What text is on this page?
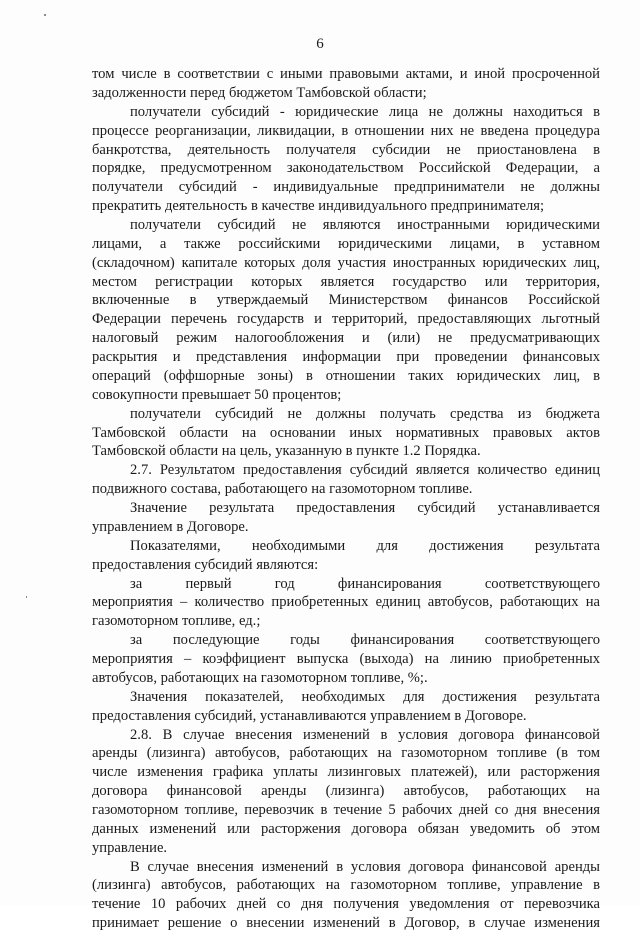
6
том числе в соответствии с иными правовыми актами, и иной просроченной
задолженности перед бюджетом Тамбовской области;
получатели субсидий - юридические лица не должны находиться в
процессе реорганизации, ликвидации, в отношении них не введена процедура
банкротства, деятельность получателя субсидии не приостановлена в
порядке, предусмотренном законодательством Российской Федерации, а
получатели субсидий - индивидуальные предприниматели не должны
прекратить деятельность в качестве индивидуального предпринимателя;
получатели субсидий не являются иностранными юридическими
лицами, а также российскими юридическими лицами, в уставном
(складочном) капитале которых доля участия иностранных юридических лиц,
местом регистрации которых является государство или территория,
включенные в утверждаемый Министерством финансов Российской
Федерации перечень государств и территорий, предоставляющих льготный
налоговый режим налогообложения и (или) не предусматривающих
раскрытия и представления информации при проведении финансовых
операций (оффшорные зоны) в отношении таких юридических лиц, в
совокупности превышает 50 процентов;
получатели субсидий не должны получать средства из бюджета
Тамбовской области на основании иных нормативных правовых актов
Тамбовской области на цель, указанную в пункте 1.2 Порядка.
2.7. Результатом предоставления субсидий является количество единиц
подвижного состава, работающего на газомоторном топливе.
Значение результата предоставления субсидий устанавливается
управлением в Договоре.
Показателями, необходимыми для достижения результата
предоставления субсидий являются:
за первый год финансирования соответствующего
мероприятия – количество приобретенных единиц автобусов, работающих на
газомоторном топливе, ед.;
за последующие годы финансирования соответствующего
мероприятия – коэффициент выпуска (выхода) на линию приобретенных
автобусов, работающих на газомоторном топливе, %;.
Значения показателей, необходимых для достижения результата
предоставления субсидий, устанавливаются управлением в Договоре.
2.8. В случае внесения изменений в условия договора финансовой
аренды (лизинга) автобусов, работающих на газомоторном топливе (в том
числе изменения графика уплаты лизинговых платежей), или расторжения
договора финансовой аренды (лизинга) автобусов, работающих на
газомоторном топливе, перевозчик в течение 5 рабочих дней со дня внесения
данных изменений или расторжения договора обязан уведомить об этом
управление.
В случае внесения изменений в условия договора финансовой аренды
(лизинга) автобусов, работающих на газомоторном топливе, управление в
течение 10 рабочих дней со дня получения уведомления от перевозчика
принимает решение о внесении изменений в Договор, в случае изменения
